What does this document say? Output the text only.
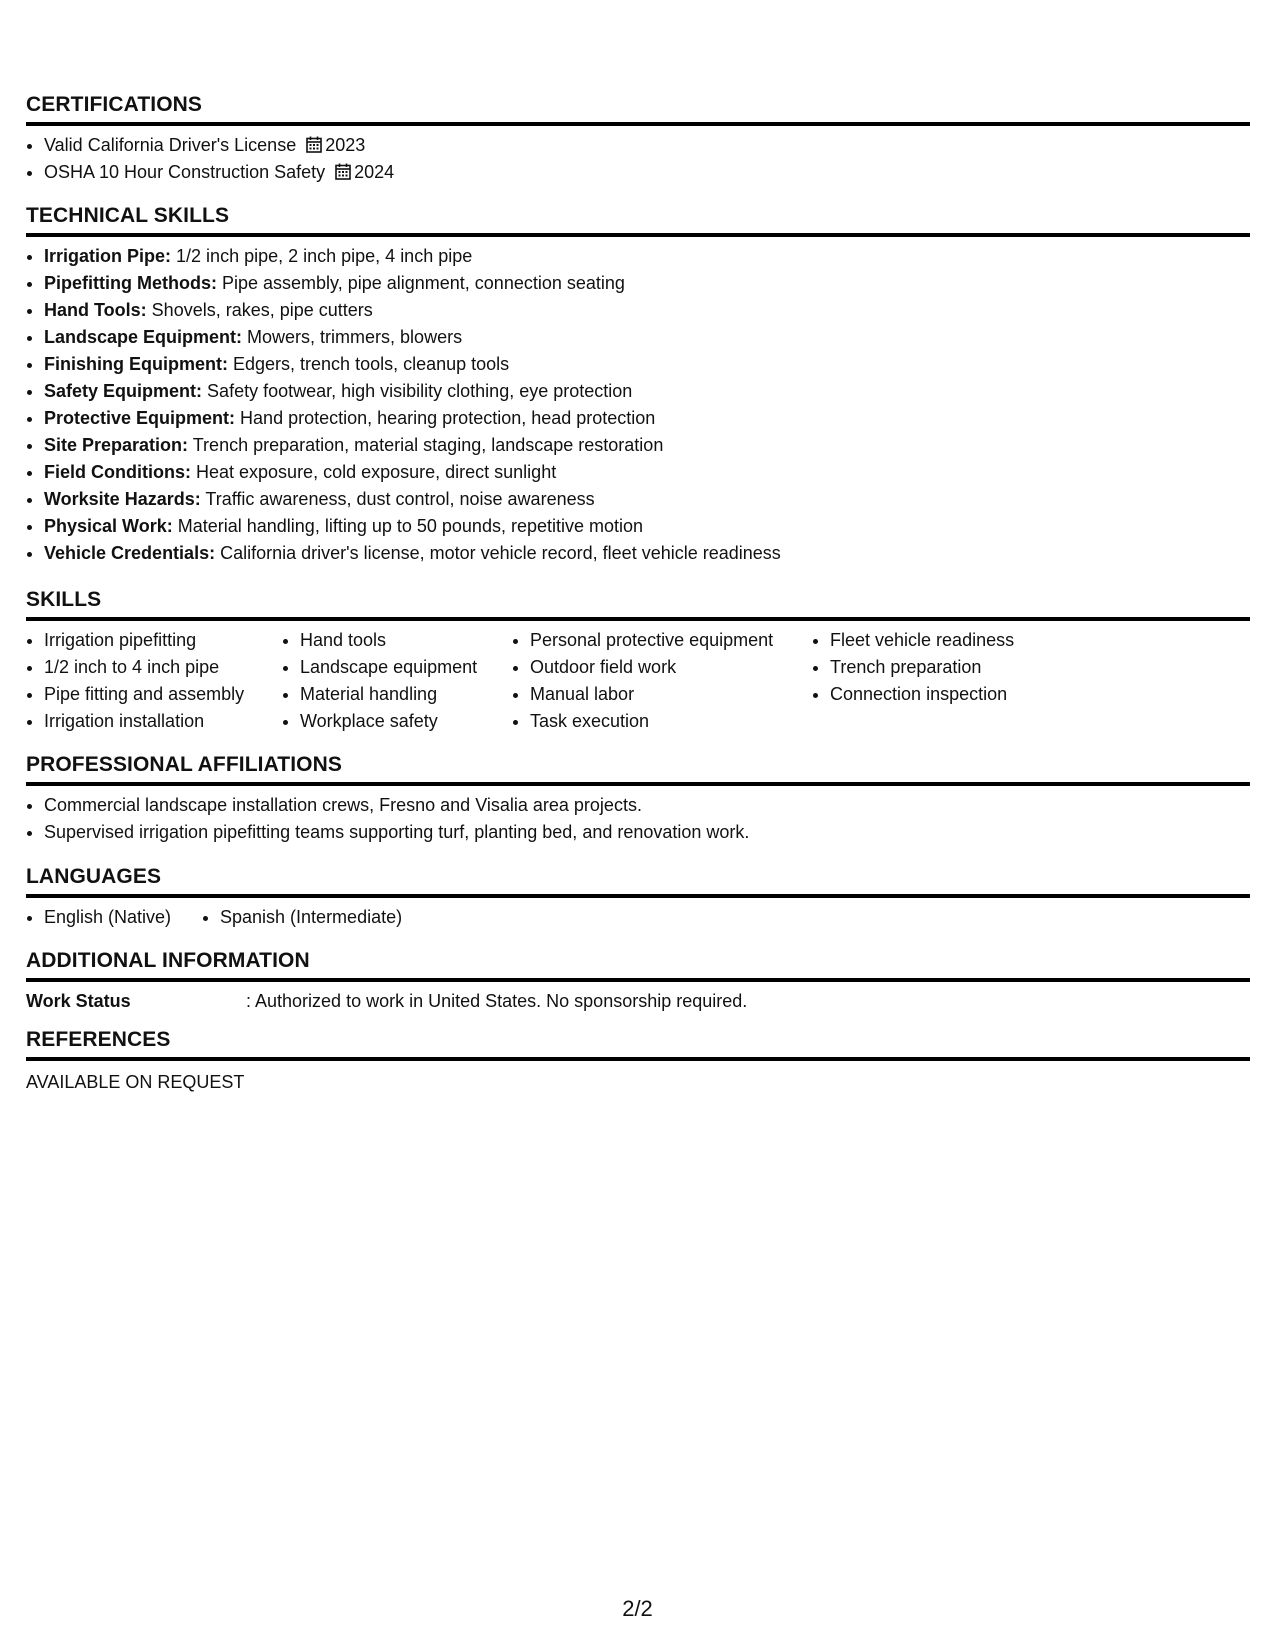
CERTIFICATIONS
• Valid California Driver's License 2023
• OSHA 10 Hour Construction Safety 2024
TECHNICAL SKILLS
• Irrigation Pipe: 1/2 inch pipe, 2 inch pipe, 4 inch pipe
• Pipefitting Methods: Pipe assembly, pipe alignment, connection seating
• Hand Tools: Shovels, rakes, pipe cutters
• Landscape Equipment: Mowers, trimmers, blowers
• Finishing Equipment: Edgers, trench tools, cleanup tools
• Safety Equipment: Safety footwear, high visibility clothing, eye protection
• Protective Equipment: Hand protection, hearing protection, head protection
• Site Preparation: Trench preparation, material staging, landscape restoration
• Field Conditions: Heat exposure, cold exposure, direct sunlight
• Worksite Hazards: Traffic awareness, dust control, noise awareness
• Physical Work: Material handling, lifting up to 50 pounds, repetitive motion
• Vehicle Credentials: California driver's license, motor vehicle record, fleet vehicle readiness
SKILLS
• Irrigation pipefitting
• 1/2 inch to 4 inch pipe
• Pipe fitting and assembly
• Irrigation installation
• Hand tools
• Landscape equipment
• Material handling
• Workplace safety
• Personal protective equipment
• Outdoor field work
• Manual labor
• Task execution
• Fleet vehicle readiness
• Trench preparation
• Connection inspection
PROFESSIONAL AFFILIATIONS
• Commercial landscape installation crews, Fresno and Visalia area projects.
• Supervised irrigation pipefitting teams supporting turf, planting bed, and renovation work.
LANGUAGES
• English (Native)
•	Spanish (Intermediate)
ADDITIONAL INFORMATION
Work Status	: Authorized to work in United States. No sponsorship required.
REFERENCES
AVAILABLE ON REQUEST
2/2
